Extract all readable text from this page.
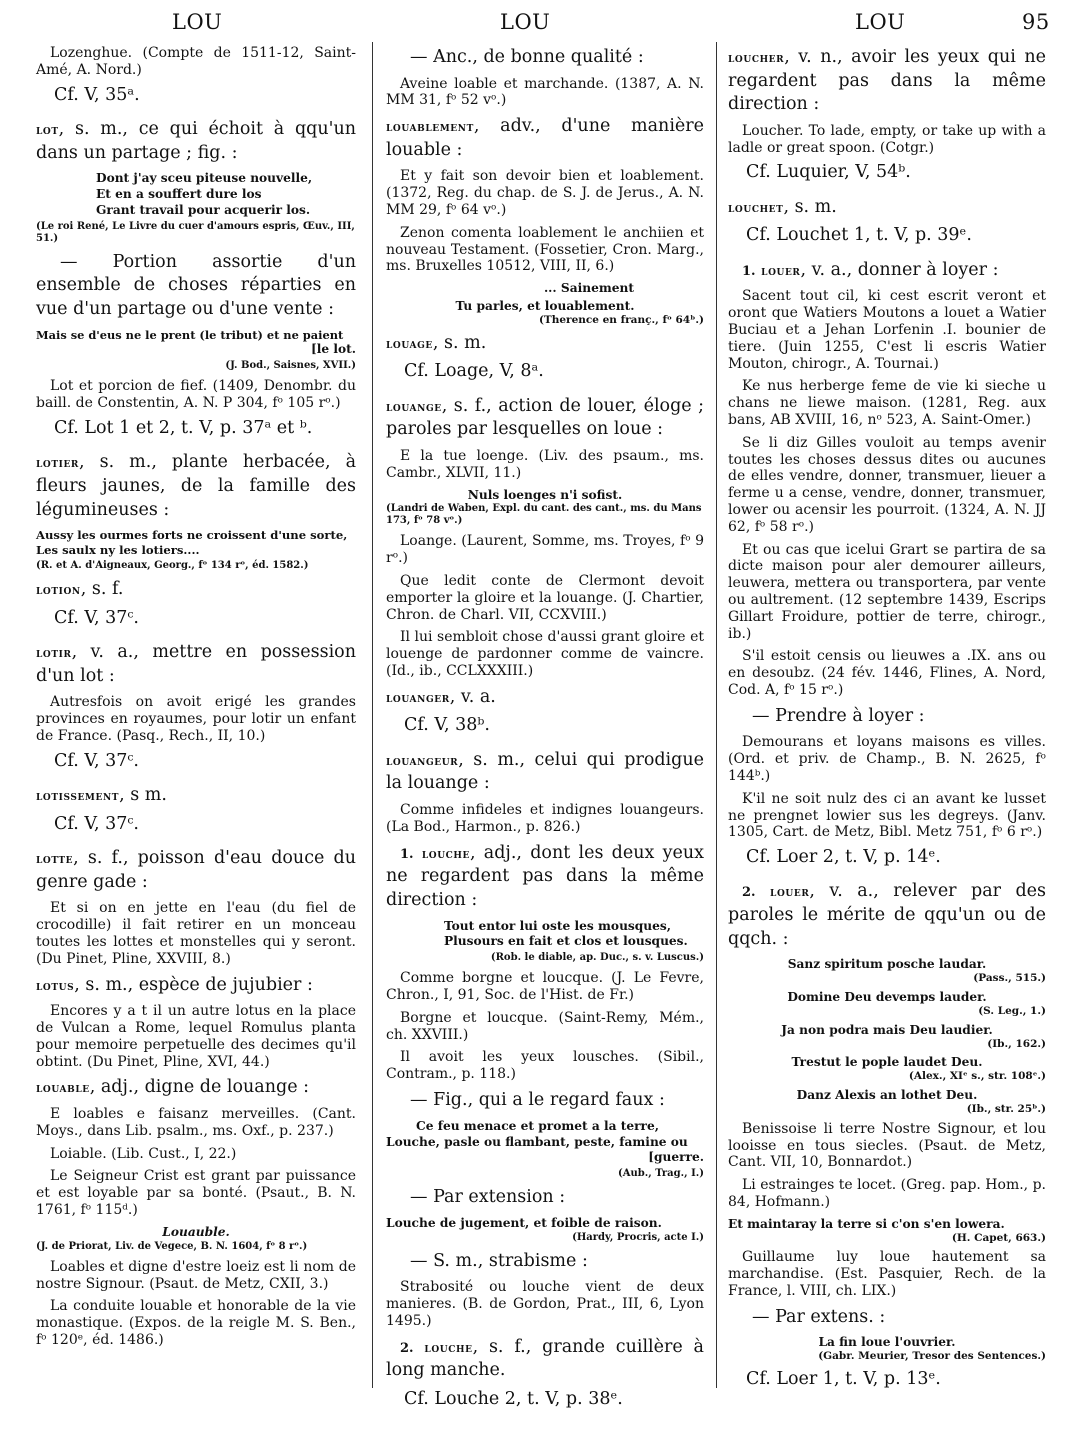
LOU	LOU	LOU	95

Lozenghue. (Compte de 1511-12, Saint-Amé, A. Nord.)

Cf. V, 35ᵃ.

lot, s. m., ce qui échoit à qqu'un dans un partage ; fig. :

Dont j'ay sceu piteuse nouvelle,
Et en a souffert dure los
Grant travail pour acquerir los.
(Le roi René, Le Livre du cuer d'amours espris, Œuv., III, 51.)

— Portion assortie d'un ensemble de choses réparties en vue d'un partage ou d'une vente :

Mais se d'eus ne le prent (le tribut) et ne paient
[le lot.
(J. Bod., Saisnes, XVII.)

Lot et porcion de fief. (1409, Denombr. du baill. de Constentin, A. N. P 304, fᵒ 105 rᵒ.)

Cf. Lot 1 et 2, t. V, p. 37ᵃ et ᵇ.

lotier, s. m., plante herbacée, à fleurs jaunes, de la famille des légumineuses :

Aussy les ourmes forts ne croissent d'une sorte,
Les saulx ny les lotiers....
(R. et A. d'Aigneaux, Georg., fᵒ 134 rᵒ, éd. 1582.)

lotion, s. f.

Cf. V, 37ᶜ.

lotir, v. a., mettre en possession d'un lot :

Autresfois on avoit erigé les grandes provinces en royaumes, pour lotir un enfant de France. (Pasq., Rech., II, 10.)

Cf. V, 37ᶜ.

lotissement, s m.

Cf. V, 37ᶜ.

lotte, s. f., poisson d'eau douce du genre gade :

Et si on en jette en l'eau (du fiel de crocodille) il fait retirer en un monceau toutes les lottes et monstelles qui y seront. (Du Pinet, Pline, XXVIII, 8.)

lotus, s. m., espèce de jujubier :

Encores y a t il un autre lotus en la place de Vulcan a Rome, lequel Romulus planta pour memoire perpetuelle des decimes qu'il obtint. (Du Pinet, Pline, XVI, 44.)

louable, adj., digne de louange :

E loables e faisanz merveilles. (Cant. Moys., dans Lib. psalm., ms. Oxf., p. 237.)

Loiable. (Lib. Cust., I, 22.)

Le Seigneur Crist est grant par puissance et est loyable par sa bonté. (Psaut., B. N. 1761, fᵒ 115ᵈ.)

Louauble.

(J. de Priorat, Liv. de Vegece, B. N. 1604, fᵒ 8 rᵒ.)

Loables et digne d'estre loeiz est li nom de nostre Signour. (Psaut. de Metz, CXII, 3.)

La conduite louable et honorable de la vie monastique. (Expos. de la reigle M. S. Ben., fᵒ 120ᵉ, éd. 1486.)

— Anc., de bonne qualité :

Aveine loable et marchande. (1387, A. N. MM 31, fᵒ 52 vᵒ.)

louablement, adv., d'une manière louable :

Et y fait son devoir bien et loablement. (1372, Reg. du chap. de S. J. de Jerus., A. N. MM 29, fᵒ 64 vᵒ.)

Zenon comenta loablement le anchiien et nouveau Testament. (Fossetier, Cron. Marg., ms. Bruxelles 10512, VIII, II, 6.)

... Sainement

Tu parles, et louablement.

(Therence en franç., fᵒ 64ᵇ.)

louage, s. m.

Cf. Loage, V, 8ᵃ.

louange, s. f., action de louer, éloge ; paroles par lesquelles on loue :

E la tue loenge. (Liv. des psaum., ms. Cambr., XLVII, 11.)

Nuls loenges n'i sofist.

(Landri de Waben, Expl. du cant. des cant., ms. du Mans 173, fᵒ 78 vᵒ.)

Loange. (Laurent, Somme, ms. Troyes, fᵒ 9 rᵒ.)

Que ledit conte de Clermont devoit emporter la gloire et la louange. (J. Chartier, Chron. de Charl. VII, CCXVIII.)

Il lui sembloit chose d'aussi grant gloire et louenge de pardonner comme de vaincre. (Id., ib., CCLXXXIII.)

louanger, v. a.

Cf. V, 38ᵇ.

louangeur, s. m., celui qui prodigue la louange :

Comme infideles et indignes louangeurs. (La Bod., Harmon., p. 826.)

1. louche, adj., dont les deux yeux ne regardent pas dans la même direction :

Tout entor lui oste les mousques,
Plusours en fait et clos et lousques.
(Rob. le diable, ap. Duc., s. v. Luscus.)

Comme borgne et loucque. (J. Le Fevre, Chron., I, 91, Soc. de l'Hist. de Fr.)

Borgne et loucque. (Saint-Remy, Mém., ch. XXVIII.)

Il avoit les yeux lousches. (Sibil., Contram., p. 118.)

— Fig., qui a le regard faux :

Ce feu menace et promet a la terre,
Louche, pasle ou flambant, peste, famine ou
[guerre.
(Aub., Trag., I.)

— Par extension :

Louche de jugement, et foible de raison.

(Hardy, Procris, acte I.)

— S. m., strabisme :

Strabosité ou louche vient de deux manieres. (B. de Gordon, Prat., III, 6, Lyon 1495.)

2. louche, s. f., grande cuillère à long manche.

Cf. Louche 2, t. V, p. 38ᵉ.

loucher, v. n., avoir les yeux qui ne regardent pas dans la même direction :

Loucher. To lade, empty, or take up with a ladle or great spoon. (Cotgr.)

Cf. Luquier, V, 54ᵇ.

louchet, s. m.

Cf. Louchet 1, t. V, p. 39ᵉ.

1. louer, v. a., donner à loyer :

Sacent tout cil, ki cest escrit veront et oront que Watiers Moutons a louet a Watier Buciau et a Jehan Lorfenin .I. bounier de tiere. (Juin 1255, C'est li escris Watier Mouton, chirogr., A. Tournai.)

Ke nus herberge feme de vie ki sieche u chans ne liewe maison. (1281, Reg. aux bans, AB XVIII, 16, nᵒ 523, A. Saint-Omer.)

Se li diz Gilles vouloit au temps avenir toutes les choses dessus dites ou aucunes de elles vendre, donner, transmuer, lieuer a ferme u a cense, vendre, donner, transmuer, lower ou acensir les pourroit. (1324, A. N. JJ 62, fᵒ 58 rᵒ.)

Et ou cas que icelui Grart se partira de sa dicte maison pour aler demourer ailleurs, leuwera, mettera ou transportera, par vente ou aultrement. (12 septembre 1439, Escrips Gillart Froidure, pottier de terre, chirogr., ib.)

S'il estoit censis ou lieuwes a .IX. ans ou en desoubz. (24 fév. 1446, Flines, A. Nord, Cod. A, fᵒ 15 rᵒ.)

— Prendre à loyer :

Demourans et loyans maisons es villes. (Ord. et priv. de Champ., B. N. 2625, fᵒ 144ᵇ.)

K'il ne soit nulz des ci an avant ke lusset ne prengnet lowier sus les degreys. (Janv. 1305, Cart. de Metz, Bibl. Metz 751, fᵒ 6 rᵒ.)

Cf. Loer 2, t. V, p. 14ᵉ.

2. louer, v. a., relever par des paroles le mérite de qqu'un ou de qqch. :

Sanz spiritum posche laudar.

(Pass., 515.)

Domine Deu devemps lauder.

(S. Leg., 1.)

Ja non podra mais Deu laudier.

(Ib., 162.)

Trestut le pople laudet Deu.

(Alex., XIᵉ s., str. 108ᵉ.)

Danz Alexis an lothet Deu.

(Ib., str. 25ᵇ.)

Benissoise li terre Nostre Signour, et lou looisse en tous siecles. (Psaut. de Metz, Cant. VII, 10, Bonnardot.)

Li estrainges te locet. (Greg. pap. Hom., p. 84, Hofmann.)

Et maintaray la terre si c'on s'en lowera.

(H. Capet, 663.)

Guillaume luy loue hautement sa marchandise. (Est. Pasquier, Rech. de la France, l. VIII, ch. LIX.)

— Par extens. :

La fin loue l'ouvrier.

(Gabr. Meurier, Tresor des Sentences.)

Cf. Loer 1, t. V, p. 13ᵉ.
